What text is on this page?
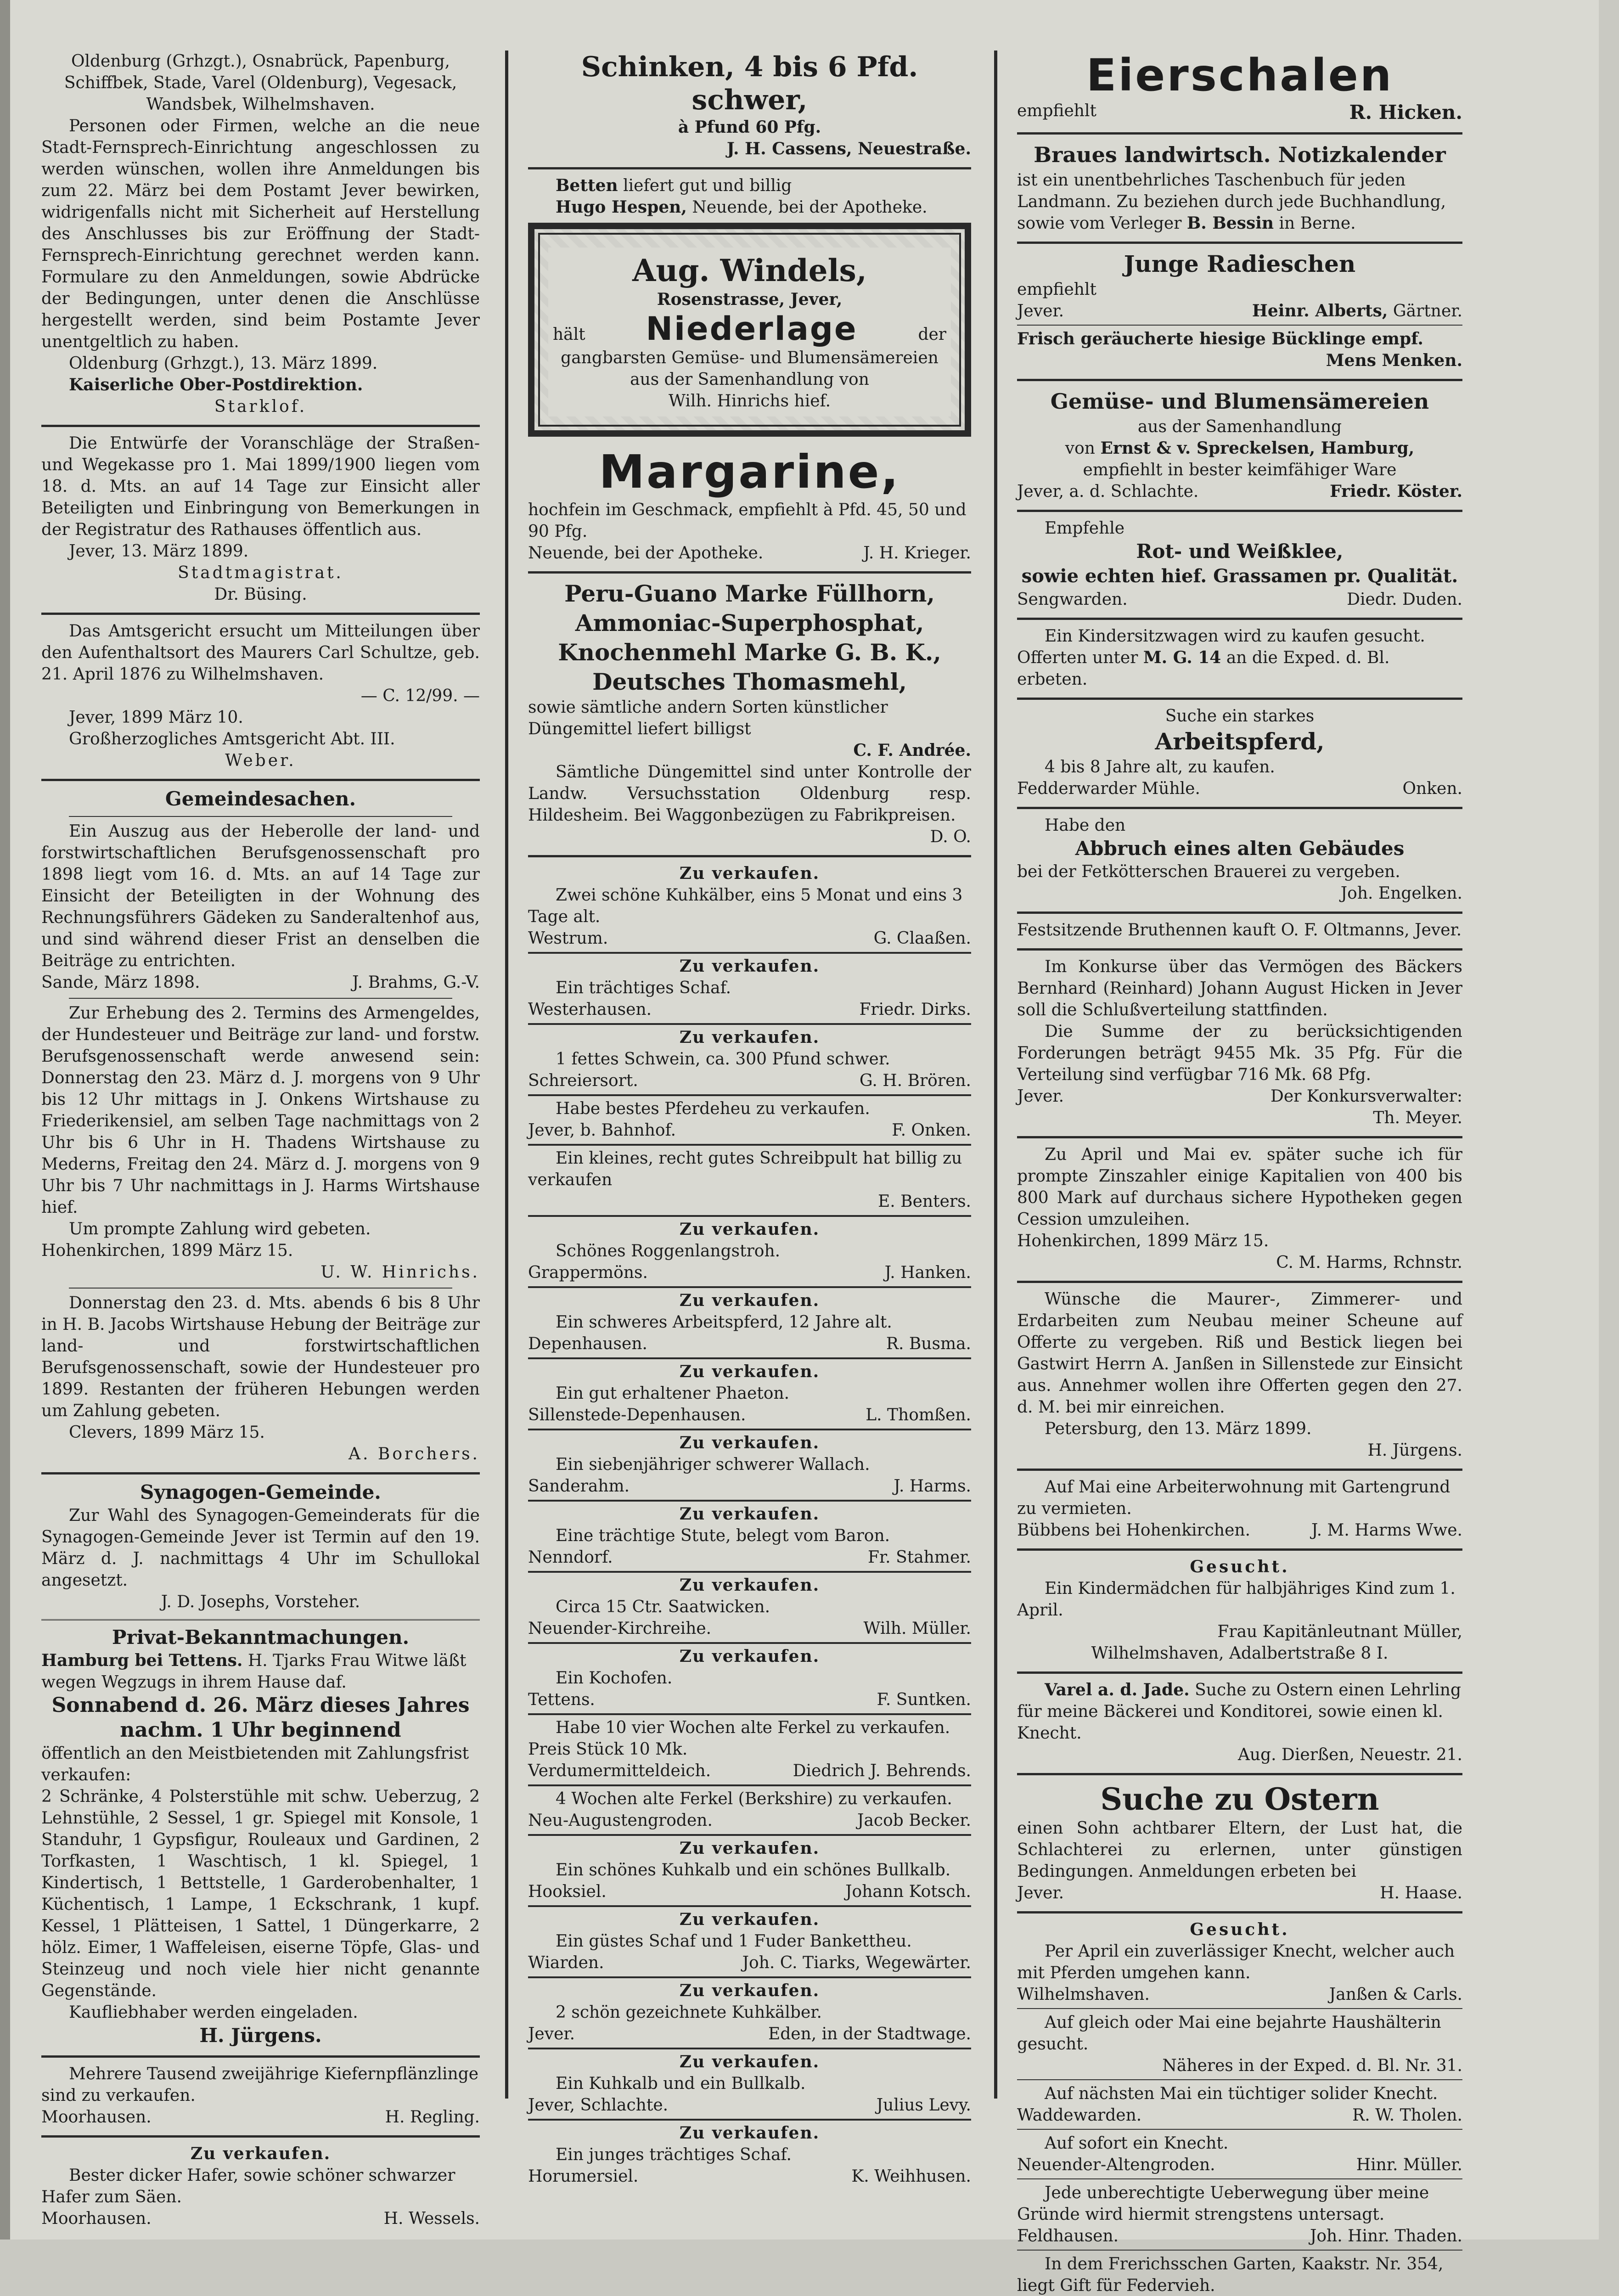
Oldenburg (Grhzgt.), Osnabrück, Papenburg,

Schiffbek, Stade, Varel (Oldenburg), Vegesack,

Wandsbek, Wilhelmshaven.

Personen oder Firmen, welche an die neue Stadt-Fernsprech-Einrichtung angeschlossen zu werden wünschen, wollen ihre Anmeldungen bis zum 22. März bei dem Postamt Jever bewirken, widrigenfalls nicht mit Sicherheit auf Herstellung des Anschlusses bis zur Eröffnung der Stadt-Fernsprech-Einrichtung gerechnet werden kann. Formulare zu den Anmeldungen, sowie Abdrücke der Bedingungen, unter denen die Anschlüsse hergestellt werden, sind beim Postamte Jever unentgeltlich zu haben.

Oldenburg (Grhzgt.), 13. März 1899.

Kaiserliche Ober-Postdirektion.

Starklof.

Die Entwürfe der Voranschläge der Straßen- und Wegekasse pro 1. Mai 1899/1900 liegen vom 18. d. Mts. an auf 14 Tage zur Einsicht aller Beteiligten und Einbringung von Bemerkungen in der Registratur des Rathauses öffentlich aus.

Jever, 13. März 1899.

Stadtmagistrat.

Dr. Büsing.

Das Amtsgericht ersucht um Mitteilungen über den Aufenthaltsort des Maurers Carl Schultze, geb. 21. April 1876 zu Wilhelmshaven.

— C. 12/99. —

Jever, 1899 März 10.

Großherzogliches Amtsgericht Abt. III.

Weber.

Gemeindesachen.

Ein Auszug aus der Heberolle der land- und forstwirtschaftlichen Berufsgenossenschaft pro 1898 liegt vom 16. d. Mts. an auf 14 Tage zur Einsicht der Beteiligten in der Wohnung des Rechnungsführers Gädeken zu Sanderaltenhof aus, und sind während dieser Frist an denselben die Beiträge zu entrichten.

Sande, März 1898.	J. Brahms, G.-V.

Zur Erhebung des 2. Termins des Armengeldes, der Hundesteuer und Beiträge zur land- und forstw. Berufsgenossenschaft werde anwesend sein: Donnerstag den 23. März d. J. morgens von 9 Uhr bis 12 Uhr mittags in J. Onkens Wirtshause zu Friederikensiel, am selben Tage nachmittags von 2 Uhr bis 6 Uhr in H. Thadens Wirtshause zu Mederns, Freitag den 24. März d. J. morgens von 9 Uhr bis 7 Uhr nachmittags in J. Harms Wirtshause hief.

Um prompte Zahlung wird gebeten.

Hohenkirchen, 1899 März 15.

U. W. Hinrichs.

Donnerstag den 23. d. Mts. abends 6 bis 8 Uhr in H. B. Jacobs Wirtshause Hebung der Beiträge zur land- und forstwirtschaftlichen Berufsgenossenschaft, sowie der Hundesteuer pro 1899. Restanten der früheren Hebungen werden um Zahlung gebeten.

Clevers, 1899 März 15.

A. Borchers.

Synagogen-Gemeinde.

Zur Wahl des Synagogen-Gemeinderats für die Synagogen-Gemeinde Jever ist Termin auf den 19. März d. J. nachmittags 4 Uhr im Schullokal angesetzt.

J. D. Josephs, Vorsteher.

Privat-Bekanntmachungen.

Hamburg bei Tettens. H. Tjarks Frau Witwe läßt wegen Wegzugs in ihrem Hause daf.

Sonnabend d. 26. März dieses Jahres

nachm. 1 Uhr beginnend

öffentlich an den Meistbietenden mit Zahlungsfrist verkaufen:

2 Schränke, 4 Polsterstühle mit schw. Ueberzug, 2 Lehnstühle, 2 Sessel, 1 gr. Spiegel mit Konsole, 1 Standuhr, 1 Gypsfigur, Rouleaux und Gardinen, 2 Torfkasten, 1 Waschtisch, 1 kl. Spiegel, 1 Kindertisch, 1 Bettstelle, 1 Garderobenhalter, 1 Küchentisch, 1 Lampe, 1 Eckschrank, 1 kupf. Kessel, 1 Plätteisen, 1 Sattel, 1 Düngerkarre, 2 hölz. Eimer, 1 Waffeleisen, eiserne Töpfe, Glas- und Steinzeug und noch viele hier nicht genannte Gegenstände.

Kaufliebhaber werden eingeladen.

H. Jürgens.

Mehrere Tausend zweijährige Kiefernpflänzlinge sind zu verkaufen.

Moorhausen.	H. Regling.

Zu verkaufen.

Bester dicker Hafer, sowie schöner schwarzer Hafer zum Säen.

Moorhausen.	H. Wessels.

Schinken, 4 bis 6 Pfd. schwer,

à Pfund 60 Pfg.

J. H. Cassens, Neuestraße.

Betten liefert gut und billig

Hugo Hespen, Neuende, bei der Apotheke.

Aug. Windels,

Rosenstrasse, Jever,

hält Niederlage	der

gangbarsten Gemüse- und Blumensämereien

aus der Samenhandlung von

Wilh. Hinrichs hief.

Margarine,

hochfein im Geschmack, empfiehlt à Pfd. 45, 50 und 90 Pfg.

Neuende, bei der Apotheke.	J. H. Krieger.

Peru-Guano Marke Füllhorn,

Ammoniac-Superphosphat,

Knochenmehl Marke G. B. K.,

Deutsches Thomasmehl,

sowie sämtliche andern Sorten künstlicher Düngemittel liefert billigst

C. F. Andrée.

Sämtliche Düngemittel sind unter Kontrolle der Landw. Versuchsstation Oldenburg resp. Hildesheim. Bei Waggonbezügen zu Fabrikpreisen.

D. O.

Zu verkaufen.

Zwei schöne Kuhkälber, eins 5 Monat und eins 3 Tage alt.

Westrum.	G. Claaßen.

Zu verkaufen.

Ein trächtiges Schaf.

Westerhausen.	Friedr. Dirks.

Zu verkaufen.

1 fettes Schwein, ca. 300 Pfund schwer.

Schreiersort.	G. H. Brören.

Habe bestes Pferdeheu zu verkaufen.

Jever, b. Bahnhof.	F. Onken.

Ein kleines, recht gutes Schreibpult hat billig zu verkaufen

E. Benters.

Zu verkaufen.

Schönes Roggenlangstroh.

Grappermöns.	J. Hanken.

Zu verkaufen.

Ein schweres Arbeitspferd, 12 Jahre alt.

Depenhausen.	R. Busma.

Zu verkaufen.

Ein gut erhaltener Phaeton.

Sillenstede-Depenhausen.	L. Thomßen.

Zu verkaufen.

Ein siebenjähriger schwerer Wallach.

Sanderahm.	J. Harms.

Zu verkaufen.

Eine trächtige Stute, belegt vom Baron.

Nenndorf.	Fr. Stahmer.

Zu verkaufen.

Circa 15 Ctr. Saatwicken.

Neuender-Kirchreihe.	Wilh. Müller.

Zu verkaufen.

Ein Kochofen.

Tettens.	F. Suntken.

Habe 10 vier Wochen alte Ferkel zu verkaufen. Preis Stück 10 Mk.

Verdumermitteldeich.	Diedrich J. Behrends.

4 Wochen alte Ferkel (Berkshire) zu verkaufen.

Neu-Augustengroden.	Jacob Becker.

Zu verkaufen.

Ein schönes Kuhkalb und ein schönes Bullkalb.

Hooksiel.	Johann Kotsch.

Zu verkaufen.

Ein güstes Schaf und 1 Fuder Bankettheu.

Wiarden.	Joh. C. Tiarks, Wegewärter.

Zu verkaufen.

2 schön gezeichnete Kuhkälber.

Jever.	Eden, in der Stadtwage.

Zu verkaufen.

Ein Kuhkalb und ein Bullkalb.

Jever, Schlachte.	Julius Levy.

Zu verkaufen.

Ein junges trächtiges Schaf.

Horumersiel.	K. Weihhusen.

Eierschalen

empfiehlt	R. Hicken.

Braues landwirtsch. Notizkalender

ist ein unentbehrliches Taschenbuch für jeden Landmann. Zu beziehen durch jede Buchhandlung, sowie vom Verleger B. Bessin in Berne.

Junge Radieschen

empfiehlt

Jever.	Heinr. Alberts, Gärtner.

Frisch geräucherte hiesige Bücklinge empf.

Mens Menken.

Gemüse- und Blumensämereien

aus der Samenhandlung

von Ernst & v. Spreckelsen, Hamburg,

empfiehlt in bester keimfähiger Ware

Jever, a. d. Schlachte.	Friedr. Köster.

Empfehle

Rot- und Weißklee,

sowie echten hief. Grassamen pr. Qualität.

Sengwarden.	Diedr. Duden.

Ein Kindersitzwagen wird zu kaufen gesucht. Offerten unter M. G. 14 an die Exped. d. Bl. erbeten.

Suche ein starkes

Arbeitspferd,

4 bis 8 Jahre alt, zu kaufen.

Fedderwarder Mühle.	Onken.

Habe den

Abbruch eines alten Gebäudes

bei der Fetkötterschen Brauerei zu vergeben.

Joh. Engelken.

Festsitzende Bruthennen kauft O. F. Oltmanns, Jever.

Im Konkurse über das Vermögen des Bäckers Bernhard (Reinhard) Johann August Hicken in Jever soll die Schlußverteilung stattfinden.

Die Summe der zu berücksichtigenden Forderungen beträgt 9455 Mk. 35 Pfg. Für die Verteilung sind verfügbar 716 Mk. 68 Pfg.

Jever.	Der Konkursverwalter:

Th. Meyer.

Zu April und Mai ev. später suche ich für prompte Zinszahler einige Kapitalien von 400 bis 800 Mark auf durchaus sichere Hypotheken gegen Cession umzuleihen.

Hohenkirchen, 1899 März 15.

C. M. Harms, Rchnstr.

Wünsche die Maurer-, Zimmerer- und Erdarbeiten zum Neubau meiner Scheune auf Offerte zu vergeben. Riß und Bestick liegen bei Gastwirt Herrn A. Janßen in Sillenstede zur Einsicht aus. Annehmer wollen ihre Offerten gegen den 27. d. M. bei mir einreichen.

Petersburg, den 13. März 1899.

H. Jürgens.

Auf Mai eine Arbeiterwohnung mit Gartengrund zu vermieten.

Bübbens bei Hohenkirchen.	J. M. Harms Wwe.

Gesucht.

Ein Kindermädchen für halbjähriges Kind zum 1. April.

Frau Kapitänleutnant Müller,

Wilhelmshaven, Adalbertstraße 8 I.

Varel a. d. Jade. Suche zu Ostern einen Lehrling für meine Bäckerei und Konditorei, sowie einen kl. Knecht.

Aug. Dierßen, Neuestr. 21.

Suche zu Ostern

einen Sohn achtbarer Eltern, der Lust hat, die Schlachterei zu erlernen, unter günstigen Bedingungen. Anmeldungen erbeten bei

Jever.	H. Haase.

Gesucht.

Per April ein zuverlässiger Knecht, welcher auch mit Pferden umgehen kann.

Wilhelmshaven.	Janßen & Carls.

Auf gleich oder Mai eine bejahrte Haushälterin gesucht.

Näheres in der Exped. d. Bl. Nr. 31.

Auf nächsten Mai ein tüchtiger solider Knecht.

Waddewarden.	R. W. Tholen.

Auf sofort ein Knecht.

Neuender-Altengroden.	Hinr. Müller.

Jede unberechtigte Ueberwegung über meine Gründe wird hiermit strengstens untersagt.

Feldhausen.	Joh. Hinr. Thaden.

In dem Frerichsschen Garten, Kaakstr. Nr. 354, liegt Gift für Federvieh.
